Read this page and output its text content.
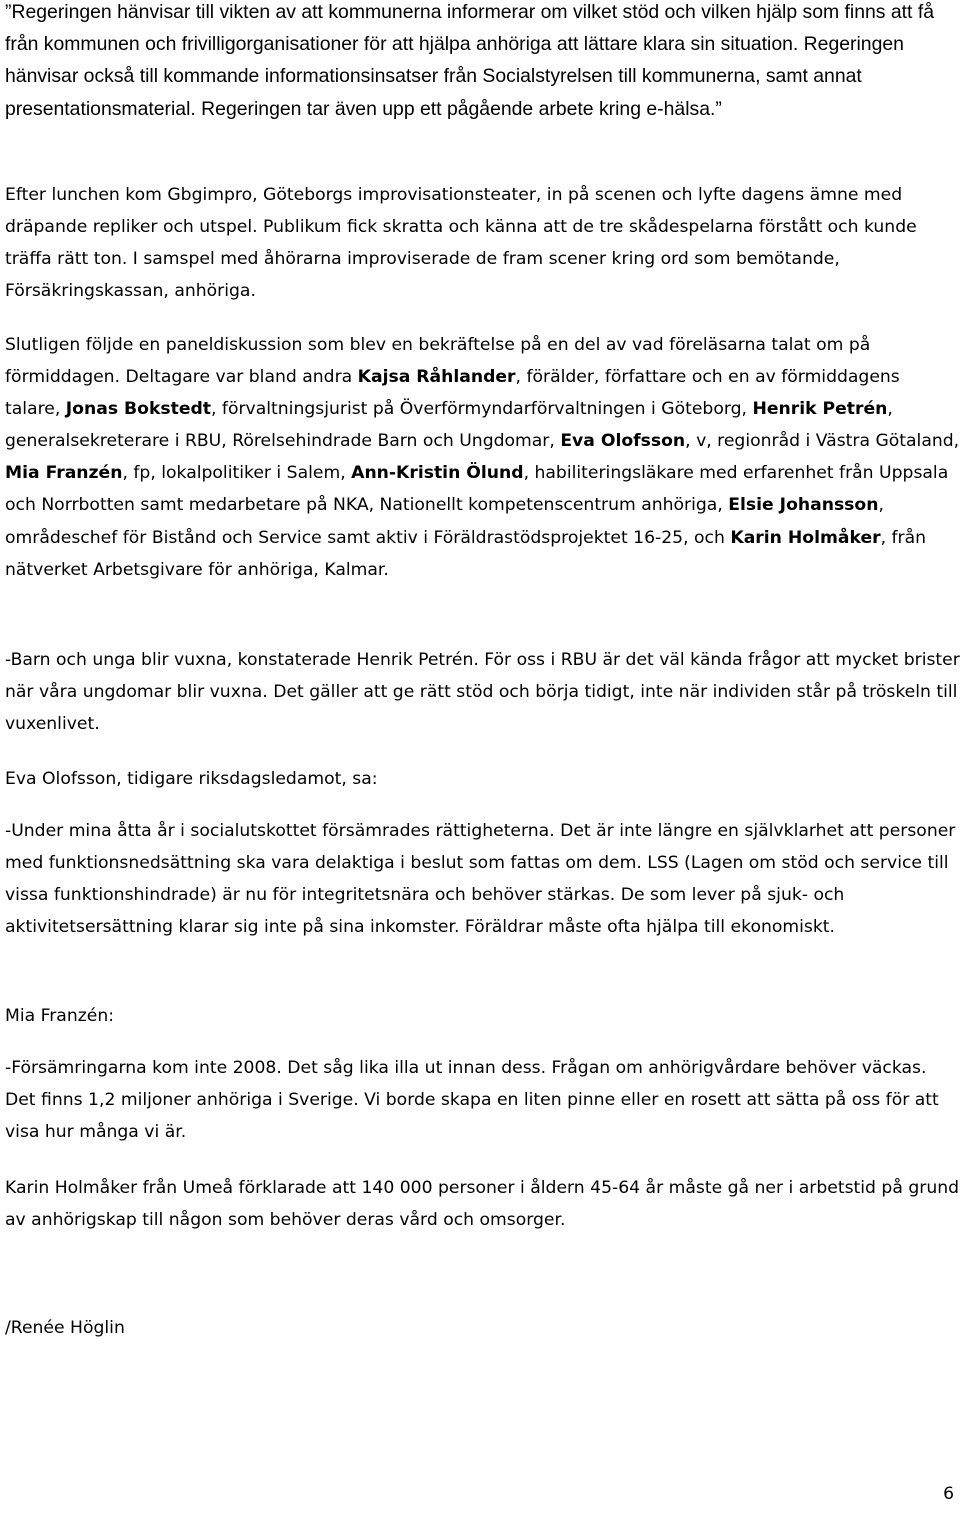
”Regeringen hänvisar till vikten av att kommunerna informerar om vilket stöd och vilken hjälp som finns att få från kommunen och frivilligorganisationer för att hjälpa anhöriga att lättare klara sin situation. Regeringen hänvisar också till kommande informationsinsatser från Socialstyrelsen till kommunerna, samt annat presentationsmaterial. Regeringen tar även upp ett pågående arbete kring e-hälsa.”

Efter lunchen kom Gbgimpro, Göteborgs improvisationsteater, in på scenen och lyfte dagens ämne med dräpande repliker och utspel. Publikum fick skratta och känna att de tre skådespelarna förstått och kunde träffa rätt ton. I samspel med åhörarna improviserade de fram scener kring ord som bemötande, Försäkringskassan, anhöriga.

Slutligen följde en paneldiskussion som blev en bekräftelse på en del av vad föreläsarna talat om på förmiddagen. Deltagare var bland andra Kajsa Råhlander, förälder, författare och en av förmiddagens talare, Jonas Bokstedt, förvaltningsjurist på Överförmyndarförvaltningen i Göteborg, Henrik Petrén, generalsekreterare i RBU, Rörelsehindrade Barn och Ungdomar, Eva Olofsson, v, regionråd i Västra Götaland, Mia Franzén, fp, lokalpolitiker i Salem, Ann-Kristin Ölund, habiliteringsläkare med erfarenhet från Uppsala och Norrbotten samt medarbetare på NKA, Nationellt kompetenscentrum anhöriga, Elsie Johansson, områdeschef för Bistånd och Service samt aktiv i Föräldrastödsprojektet 16-25, och Karin Holmåker, från nätverket Arbetsgivare för anhöriga, Kalmar.

-Barn och unga blir vuxna, konstaterade Henrik Petrén. För oss i RBU är det väl kända frågor att mycket brister när våra ungdomar blir vuxna. Det gäller att ge rätt stöd och börja tidigt, inte när individen står på tröskeln till vuxenlivet.

Eva Olofsson, tidigare riksdagsledamot, sa:

-Under mina åtta år i socialutskottet försämrades rättigheterna. Det är inte längre en självklarhet att personer med funktionsnedsättning ska vara delaktiga i beslut som fattas om dem. LSS (Lagen om stöd och service till vissa funktionshindrade) är nu för integritetsnära och behöver stärkas. De som lever på sjuk- och aktivitetsersättning klarar sig inte på sina inkomster. Föräldrar måste ofta hjälpa till ekonomiskt.

Mia Franzén:

-Försämringarna kom inte 2008. Det såg lika illa ut innan dess. Frågan om anhörigvårdare behöver väckas. Det finns 1,2 miljoner anhöriga i Sverige. Vi borde skapa en liten pinne eller en rosett att sätta på oss för att visa hur många vi är.

Karin Holmåker från Umeå förklarade att 140 000 personer i åldern 45-64 år måste gå ner i arbetstid på grund av anhörigskap till någon som behöver deras vård och omsorger.

/Renée Höglin

6
